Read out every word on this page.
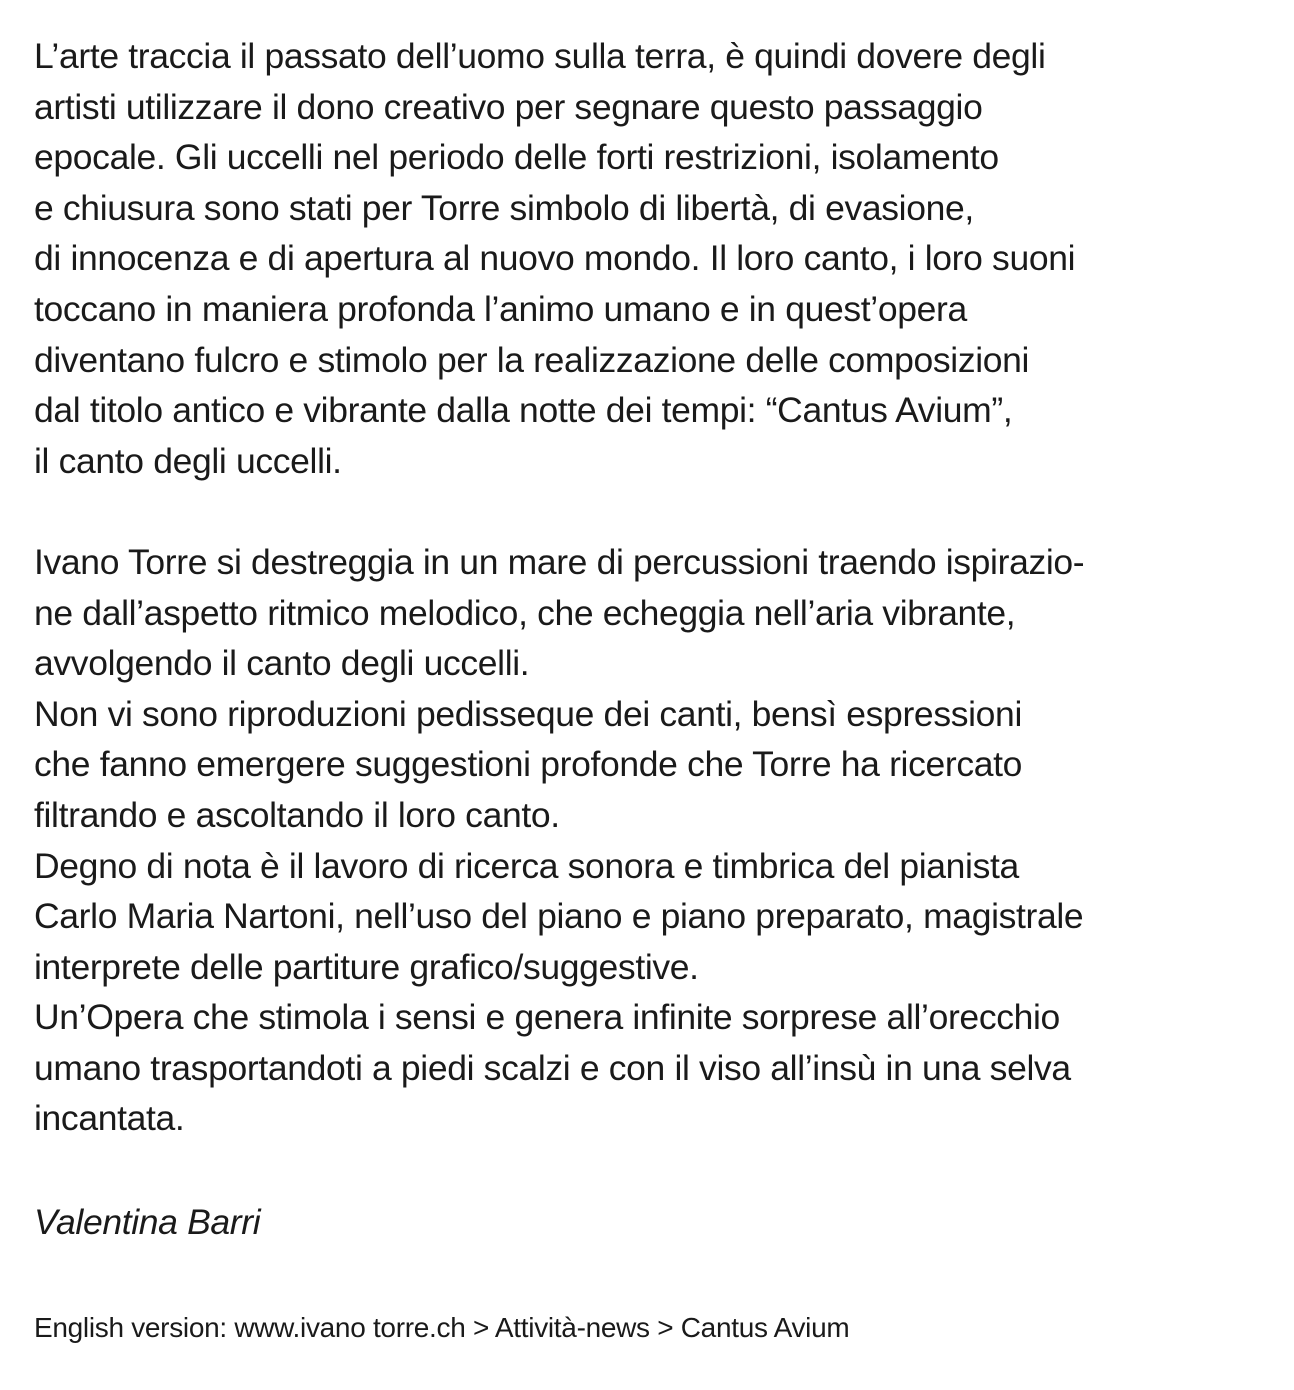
L’arte traccia il passato dell’uomo sulla terra, è quindi dovere degli
artisti utilizzare il dono creativo per segnare questo passaggio
epocale. Gli uccelli nel periodo delle forti restrizioni, isolamento
e chiusura sono stati per Torre simbolo di libertà, di evasione,
di innocenza e di apertura al nuovo mondo. Il loro canto, i loro suoni
toccano in maniera profonda l’animo umano e in quest’opera
diventano fulcro e stimolo per la realizzazione delle composizioni
dal titolo antico e vibrante dalla notte dei tempi: “Cantus Avium”,
il canto degli uccelli.
Ivano Torre si destreggia in un mare di percussioni traendo ispirazio-
ne dall’aspetto ritmico melodico, che echeggia nell’aria vibrante,
avvolgendo il canto degli uccelli.
Non vi sono riproduzioni pedisseque dei canti, bensì espressioni
che fanno emergere suggestioni profonde che Torre ha ricercato
filtrando e ascoltando il loro canto.
Degno di nota è il lavoro di ricerca sonora e timbrica del pianista
Carlo Maria Nartoni, nell’uso del piano e piano preparato, magistrale
interprete delle partiture grafico/suggestive.
Un’Opera che stimola i sensi e genera infinite sorprese all’orecchio
umano trasportandoti a piedi scalzi e con il viso all’insù in una selva
incantata.
Valentina Barri
English version: www.ivano torre.ch > Attività-news > Cantus Avium
